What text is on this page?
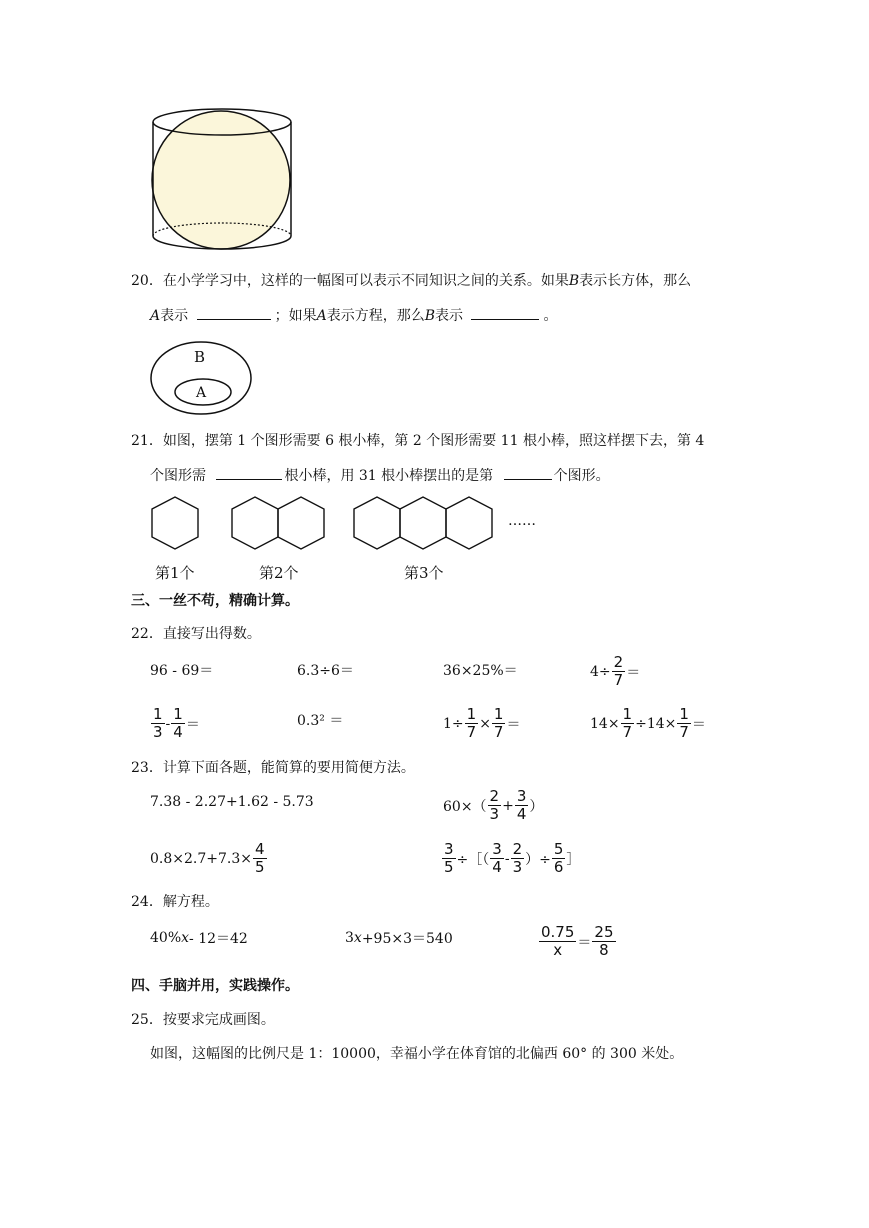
20．在小学学习中，这样的一幅图可以表示不同知识之间的关系。如果B表示长方体，那么
A表示	；如果A表示方程，那么B表示	。
B
A
21．如图，摆第 1 个图形需要 6 根小棒，第 2 个图形需要 11 根小棒，照这样摆下去，第 4
个图形需	根小棒，用 31 根小棒摆出的是第	个图形。
……
第1个	第2个	第3个
三、一丝不苟，精确计算。
22．直接写出得数。
96 - 69＝	6.3÷6＝	36×25%＝	$4\div \frac{2}{7}$ ＝
$\frac{1}{3} - \frac{1}{4}$ ＝	0.3² ＝	$1\div \frac{1}{7} \times \frac{1}{7}$ ＝	$14\times \frac{1}{7} \div 14\times \frac{1}{7}$ ＝
23．计算下面各题，能简算的要用简便方法。
7.38 - 2.27+1.62 - 5.73	$60\times( \frac{2}{3} + \frac{3}{4}$ ）
$0.8\times 2.7+7.3\times \frac{4}{5}$	$\frac{3}{5}$ ÷［（ $\frac{3}{4} - \frac{2}{3}$ ）÷ $\frac{5}{6}$ ］
24．解方程。
40% x - 12＝42	3 x +95×3＝540	$\frac{0.75}{x} = \frac{25}{8}$
四、手脑并用，实践操作。
25．按要求完成画图。
如图，这幅图的比例尺是 1：10000，幸福小学在体育馆的北偏西 60° 的 300 米处。
